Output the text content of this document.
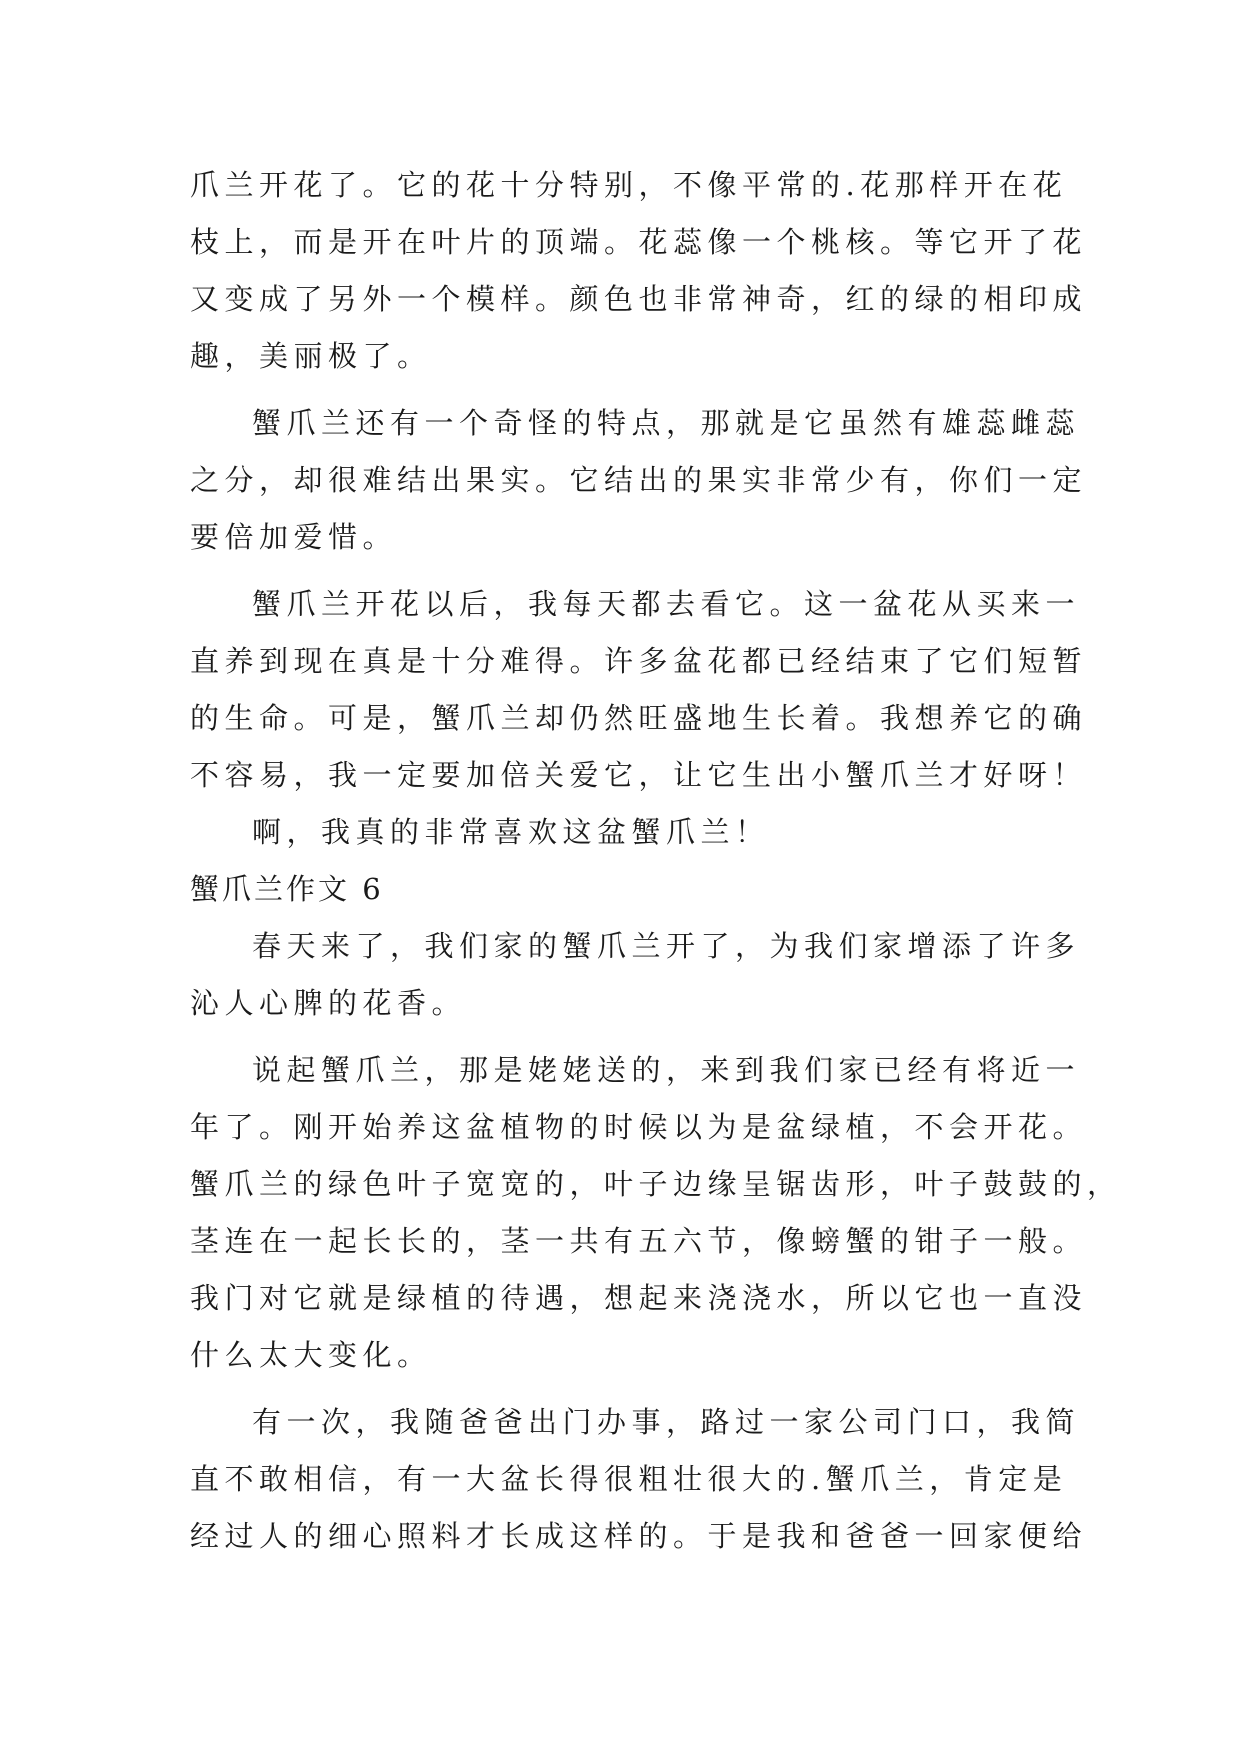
爪兰开花了。它的花十分特别，不像平常的.花那样开在花
枝上，而是开在叶片的顶端。花蕊像一个桃核。等它开了花
又变成了另外一个模样。颜色也非常神奇，红的绿的相印成
趣，美丽极了。
蟹爪兰还有一个奇怪的特点，那就是它虽然有雄蕊雌蕊
之分，却很难结出果实。它结出的果实非常少有，你们一定
要倍加爱惜。
蟹爪兰开花以后，我每天都去看它。这一盆花从买来一
直养到现在真是十分难得。许多盆花都已经结束了它们短暂
的生命。可是，蟹爪兰却仍然旺盛地生长着。我想养它的确
不容易，我一定要加倍关爱它，让它生出小蟹爪兰才好呀！
啊，我真的非常喜欢这盆蟹爪兰！
蟹爪兰作文 6
春天来了，我们家的蟹爪兰开了，为我们家增添了许多
沁人心脾的花香。
说起蟹爪兰，那是姥姥送的，来到我们家已经有将近一
年了。刚开始养这盆植物的时候以为是盆绿植，不会开花。
蟹爪兰的绿色叶子宽宽的，叶子边缘呈锯齿形，叶子鼓鼓的，
茎连在一起长长的，茎一共有五六节，像螃蟹的钳子一般。
我门对它就是绿植的待遇，想起来浇浇水，所以它也一直没
什么太大变化。
有一次，我随爸爸出门办事，路过一家公司门口，我简
直不敢相信，有一大盆长得很粗壮很大的.蟹爪兰，肯定是
经过人的细心照料才长成这样的。于是我和爸爸一回家便给
